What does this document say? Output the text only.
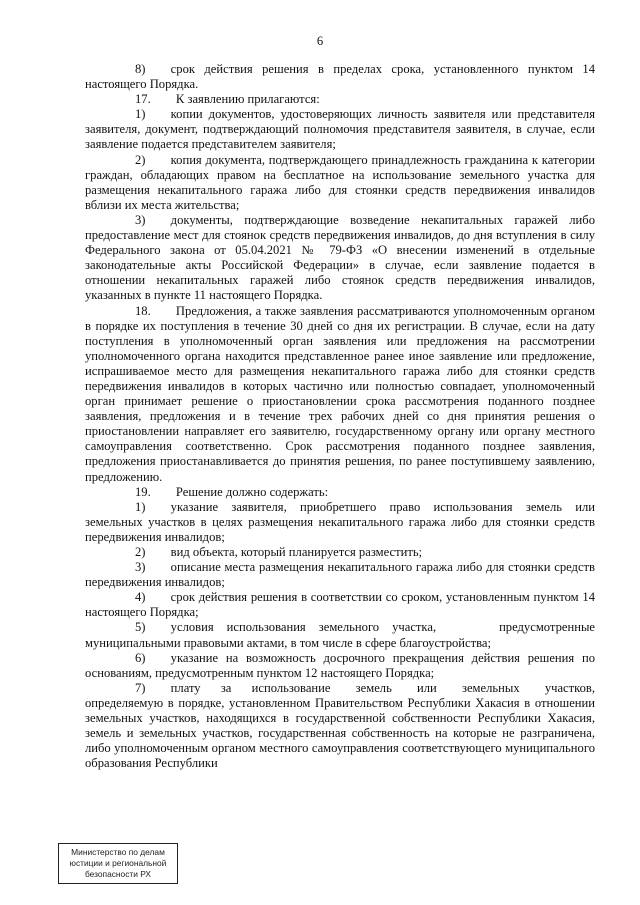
6

8)  срок действия решения в пределах срока, установленного пунктом 14 настоящего Порядка.

17.  К заявлению прилагаются:

1)  копии документов, удостоверяющих личность заявителя или представителя заявителя, документ, подтверждающий полномочия представителя заявителя, в случае, если заявление подается представителем заявителя;

2)  копия документа, подтверждающего принадлежность гражданина к категории граждан, обладающих правом на бесплатное на использование земельного участка для размещения некапитального гаража либо для стоянки средств передвижения инвалидов вблизи их места жительства;

3)  документы, подтверждающие возведение некапитальных гаражей либо предоставление мест для стоянок средств передвижения инвалидов, до дня вступления в силу Федерального закона от 05.04.2021 № 79-ФЗ «О внесении изменений в отдельные законодательные акты Российской Федерации» в случае, если заявление подается в отношении некапитальных гаражей либо стоянок средств передвижения инвалидов, указанных в пункте 11 настоящего Порядка.

18.  Предложения, а также заявления рассматриваются уполномоченным органом в порядке их поступления в течение 30 дней со дня их регистрации. В случае, если на дату поступления в уполномоченный орган заявления или предложения на рассмотрении уполномоченного органа находится представленное ранее иное заявление или предложение, испрашиваемое место для размещения некапитального гаража либо для стоянки средств передвижения инвалидов в которых частично или полностью совпадает, уполномоченный орган принимает решение о приостановлении срока рассмотрения поданного позднее заявления, предложения и в течение трех рабочих дней со дня принятия решения о приостановлении направляет его заявителю, государственному органу или органу местного самоуправления соответственно. Срок рассмотрения поданного позднее заявления, предложения приостанавливается до принятия решения, по ранее поступившему заявлению, предложению.

19.  Решение должно содержать:

1)  указание заявителя, приобретшего право использования земель или земельных участков в целях размещения некапитального гаража либо для стоянки средств передвижения инвалидов;

2)  вид объекта, который планируется разместить;

3)  описание места размещения некапитального гаража либо для стоянки средств передвижения инвалидов;

4)  срок действия решения в соответствии со сроком, установленным пунктом 14 настоящего Порядка;

5)  условия использования земельного участка,     предусмотренные муниципальными правовыми актами, в том числе в сфере благоустройства;

6)  указание на возможность досрочного прекращения действия решения по основаниям, предусмотренным пунктом 12 настоящего Порядка;

7)  плату за использование  земель  или  земельных  участков, определяемую в порядке, установленном Правительством Республики Хакасия в отношении земельных участков, находящихся в государственной собственности Республики Хакасия, земель и земельных участков, государственная собственность на которые не разграничена, либо уполномоченным органом местного самоуправления соответствующего муниципального образования Республики

Министерство по делам
юстиции и региональной
безопасности РХ
